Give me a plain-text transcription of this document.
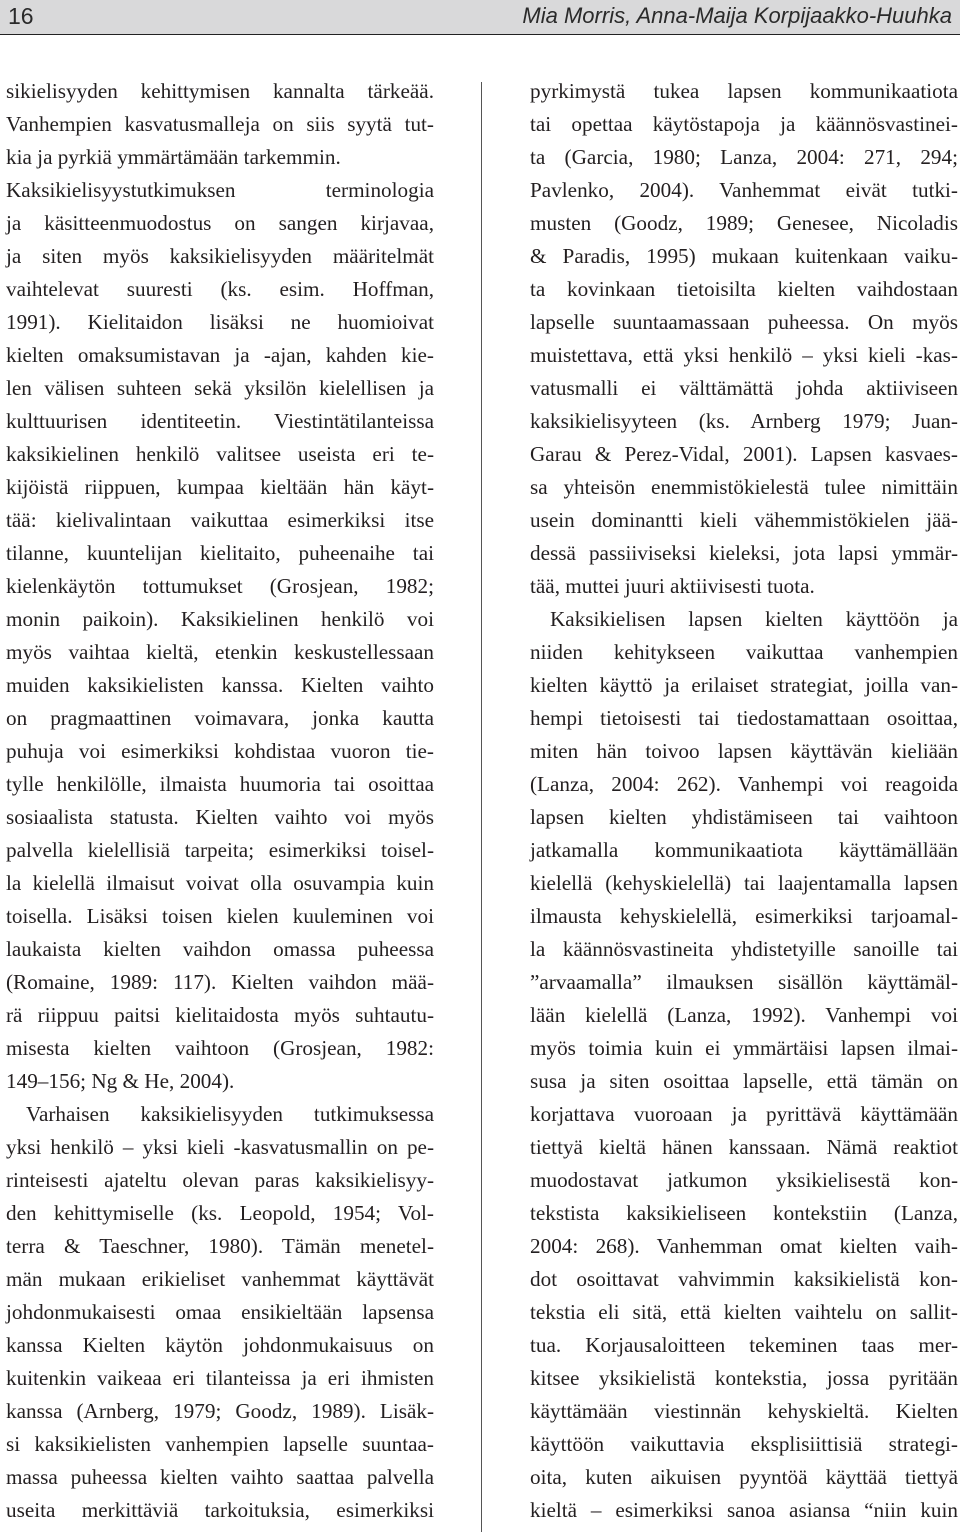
16	Mia Morris, Anna-Maija Korpijaakko-Huuhka
sikielisyyden kehittymisen kannalta tärkeää.
Vanhempien kasvatusmalleja on siis syytä tut-
kia ja pyrkiä ymmärtämään tarkemmin.
Kaksikielisyystutkimuksen terminologia
ja käsitteenmuodostus on sangen kirjavaa,
ja siten myös kaksikielisyyden määritelmät
vaihtelevat suuresti (ks. esim. Hoffman,
1991). Kielitaidon lisäksi ne huomioivat
kielten omaksumistavan ja -ajan, kahden kie-
len välisen suhteen sekä yksilön kielellisen ja
kulttuurisen identiteetin. Viestintätilanteissa
kaksikielinen henkilö valitsee useista eri te-
kijöistä riippuen, kumpaa kieltään hän käyt-
tää: kielivalintaan vaikuttaa esimerkiksi itse
tilanne, kuuntelijan kielitaito, puheenaihe tai
kielenkäytön tottumukset (Grosjean, 1982;
monin paikoin). Kaksikielinen henkilö voi
myös vaihtaa kieltä, etenkin keskustellessaan
muiden kaksikielisten kanssa. Kielten vaihto
on pragmaattinen voimavara, jonka kautta
puhuja voi esimerkiksi kohdistaa vuoron tie-
tylle henkilölle, ilmaista huumoria tai osoittaa
sosiaalista statusta. Kielten vaihto voi myös
palvella kielellisiä tarpeita; esimerkiksi toisel-
la kielellä ilmaisut voivat olla osuvampia kuin
toisella. Lisäksi toisen kielen kuuleminen voi
laukaista kielten vaihdon omassa puheessa
(Romaine, 1989: 117). Kielten vaihdon mää-
rä riippuu paitsi kielitaidosta myös suhtautu-
misesta kielten vaihtoon (Grosjean, 1982:
149–156; Ng & He, 2004).
Varhaisen kaksikielisyyden tutkimuksessa
yksi henkilö – yksi kieli -kasvatusmallin on pe-
rinteisesti ajateltu olevan paras kaksikielisyy-
den kehittymiselle (ks. Leopold, 1954; Vol-
terra & Taeschner, 1980). Tämän menetel-
män mukaan erikieliset vanhemmat käyttävät
johdonmukaisesti omaa ensikieltään lapsensa
kanssa Kielten käytön johdonmukaisuus on
kuitenkin vaikeaa eri tilanteissa ja eri ihmisten
kanssa (Arnberg, 1979; Goodz, 1989). Lisäk-
si kaksikielisten vanhempien lapselle suuntaa-
massa puheessa kielten vaihto saattaa palvella
useita merkittäviä tarkoituksia, esimerkiksi
pyrkimystä tukea lapsen kommunikaatiota
tai opettaa käytöstapoja ja käännösvastinei-
ta (Garcia, 1980; Lanza, 2004: 271, 294;
Pavlenko, 2004). Vanhemmat eivät tutki-
musten (Goodz, 1989; Genesee, Nicoladis
& Paradis, 1995) mukaan kuitenkaan vaiku-
ta kovinkaan tietoisilta kielten vaihdostaan
lapselle suuntaamassaan puheessa. On myös
muistettava, että yksi henkilö – yksi kieli -kas-
vatusmalli ei välttämättä johda aktiiviseen
kaksikielisyyteen (ks. Arnberg 1979; Juan-
Garau & Perez-Vidal, 2001). Lapsen kasvaes-
sa yhteisön enemmistökielestä tulee nimittäin
usein dominantti kieli vähemmistökielen jää-
dessä passiiviseksi kieleksi, jota lapsi ymmär-
tää, muttei juuri aktiivisesti tuota.
Kaksikielisen lapsen kielten käyttöön ja
niiden kehitykseen vaikuttaa vanhempien
kielten käyttö ja erilaiset strategiat, joilla van-
hempi tietoisesti tai tiedostamattaan osoittaa,
miten hän toivoo lapsen käyttävän kieliään
(Lanza, 2004: 262). Vanhempi voi reagoida
lapsen kielten yhdistämiseen tai vaihtoon
jatkamalla kommunikaatiota käyttämällään
kielellä (kehyskielellä) tai laajentamalla lapsen
ilmausta kehyskielellä, esimerkiksi tarjoamal-
la käännösvastineita yhdistetyille sanoille tai
”arvaamalla” ilmauksen sisällön käyttämäl-
lään kielellä (Lanza, 1992). Vanhempi voi
myös toimia kuin ei ymmärtäisi lapsen ilmai-
susa ja siten osoittaa lapselle, että tämän on
korjattava vuoroaan ja pyrittävä käyttämään
tiettyä kieltä hänen kanssaan. Nämä reaktiot
muodostavat jatkumon yksikielisestä kon-
tekstista kaksikieliseen kontekstiin (Lanza,
2004: 268). Vanhemman omat kielten vaih-
dot osoittavat vahvimmin kaksikielistä kon-
tekstia eli sitä, että kielten vaihtelu on sallit-
tua. Korjausaloitteen tekeminen taas mer-
kitsee yksikielistä kontekstia, jossa pyritään
käyttämään viestinnän kehyskieltä. Kielten
käyttöön vaikuttavia eksplisiittisiä strategi-
oita, kuten aikuisen pyyntöä käyttää tiettyä
kieltä – esimerkiksi sanoa asiansa “niin kuin
